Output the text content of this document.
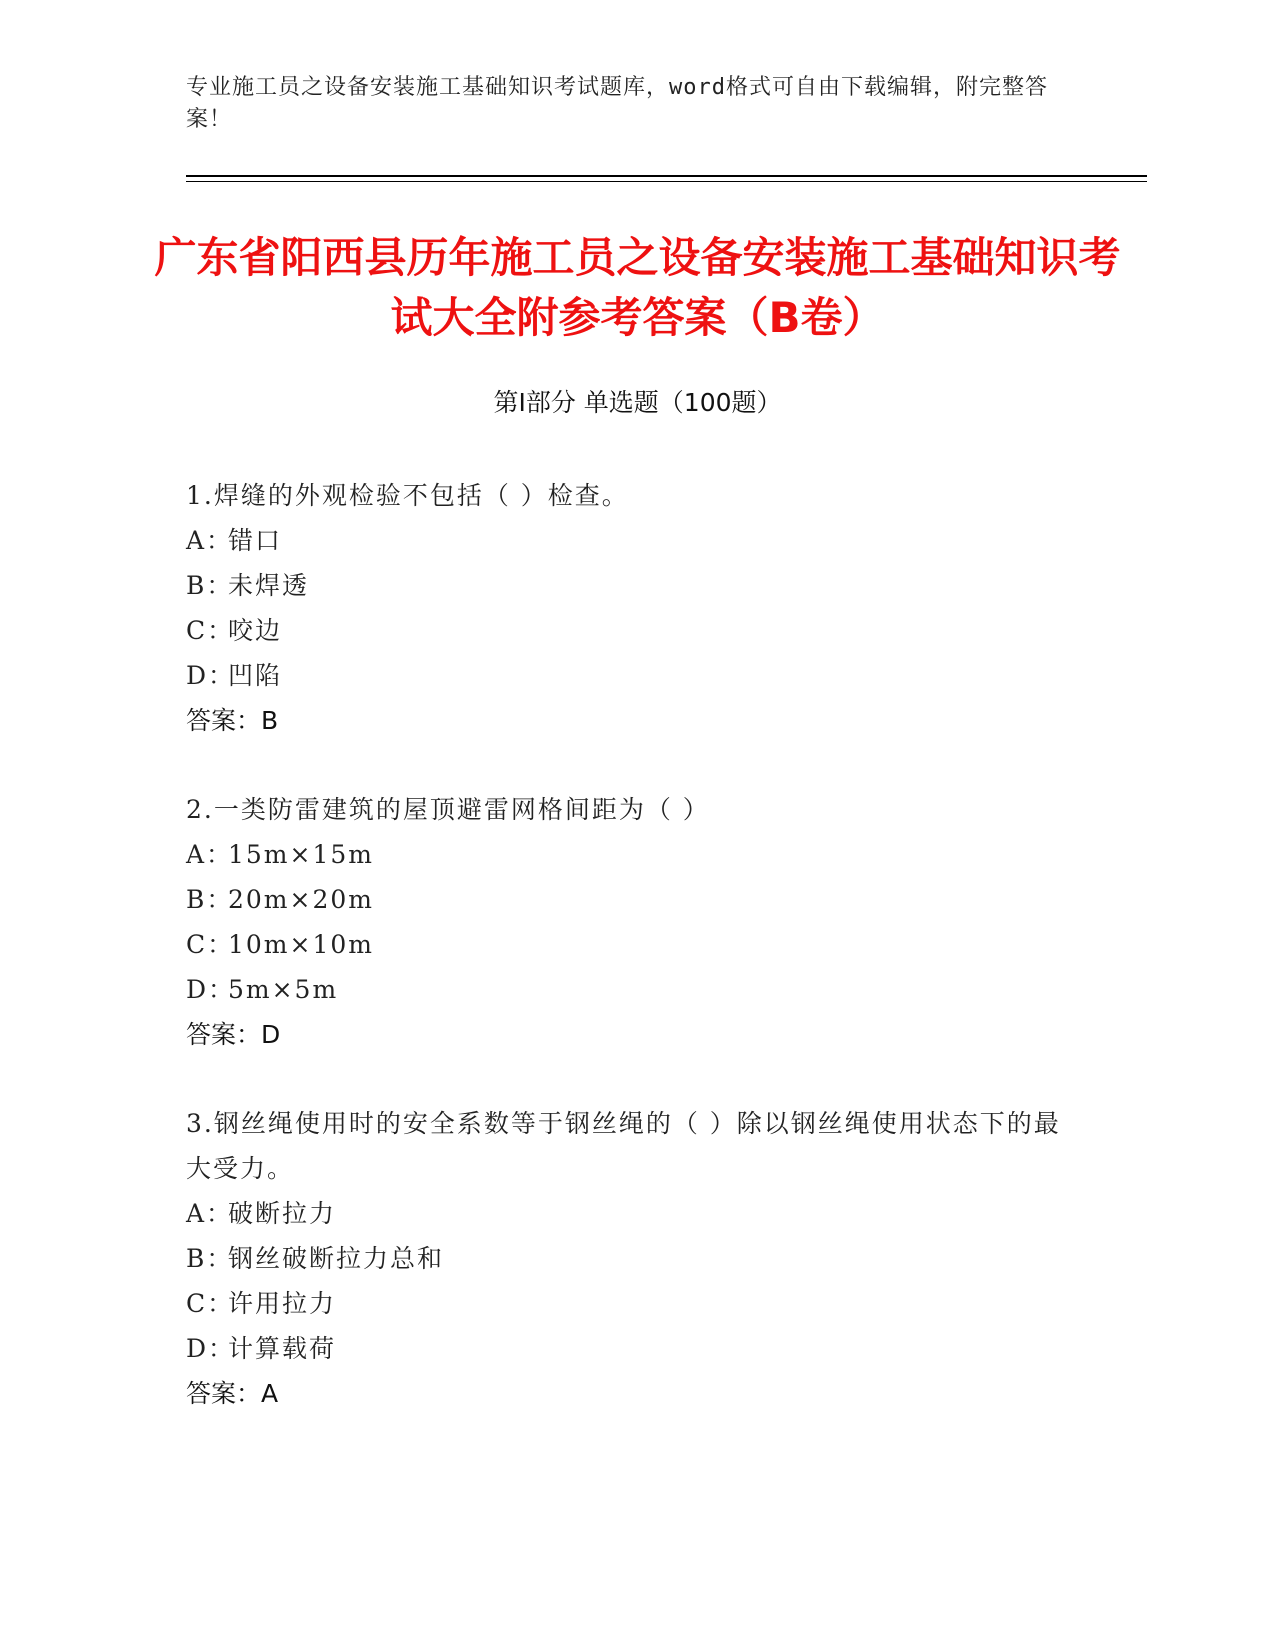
专业施工员之设备安装施工基础知识考试题库，word格式可自由下载编辑，附完整答案！
广东省阳西县历年施工员之设备安装施工基础知识考试大全附参考答案（B卷）
第Ⅰ部分 单选题（100题）
1.焊缝的外观检验不包括（ ）检查。
A：
错口
B：
未焊透
C：
咬边
D：
凹陷
答案：B
2.一类防雷建筑的屋顶避雷网格间距为（ ）
A：
15m×15m
B：
20m×20m
C：
10m×10m
D：
5m×5m
答案：D
3.钢丝绳使用时的安全系数等于钢丝绳的（ ）除以钢丝绳使用状态下的最大受力。
A：
破断拉力
B：
钢丝破断拉力总和
C：
许用拉力
D：
计算载荷
答案：A
